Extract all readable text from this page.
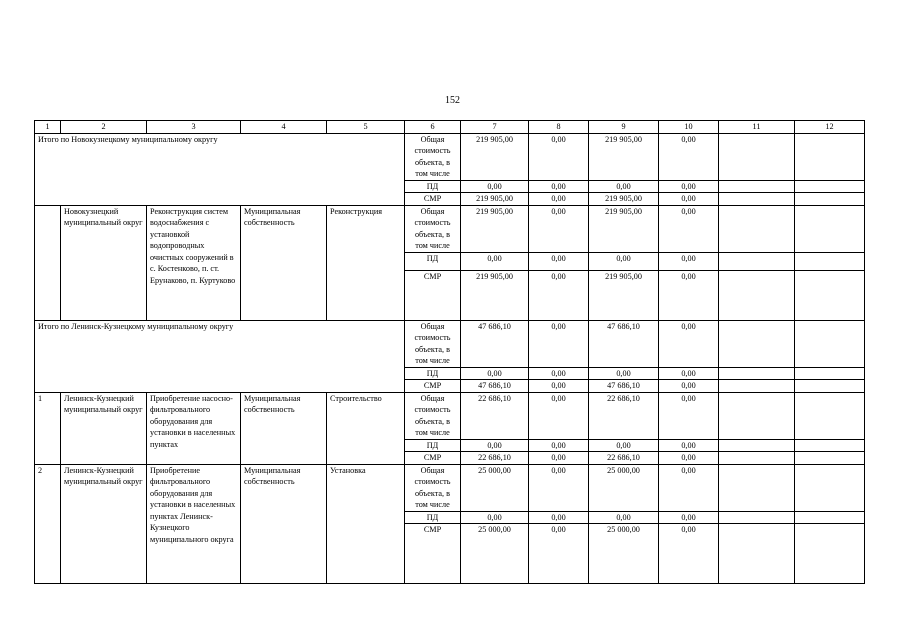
152
1	2	3	4	5	6	7	8	9	10	11	12
Итого по Новокузнецкому муниципальному округу					Общая стоимость объекта, в том числе	219 905,00	0,00	219 905,00	0,00		
					ПД	0,00	0,00	0,00	0,00		
					СМР	219 905,00	0,00	219 905,00	0,00		
	Новокузнецкий муниципальный округ	Реконструкция систем водоснабжения с установкой водопроводных очистных сооружений в с. Костенково, п. ст. Ерунаково, п. Куртуково	Муниципальная собственность	Реконструкция	Общая стоимость объекта, в том числе	219 905,00	0,00	219 905,00	0,00		
					ПД	0,00	0,00	0,00	0,00		
					СМР	219 905,00	0,00	219 905,00	0,00		
Итого по Ленинск-Кузнецкому муниципальному округу					Общая стоимость объекта, в том числе	47 686,10	0,00	47 686,10	0,00		
					ПД	0,00	0,00	0,00	0,00		
					СМР	47 686,10	0,00	47 686,10	0,00		
1	Ленинск-Кузнецкий муниципальный округ	Приобретение насосно-фильтровального оборудования для установки в населенных пунктах	Муниципальная собственность	Строительство	Общая стоимость объекта, в том числе	22 686,10	0,00	22 686,10	0,00		
					ПД	0,00	0,00	0,00	0,00		
					СМР	22 686,10	0,00	22 686,10	0,00		
2	Ленинск-Кузнецкий муниципальный округ	Приобретение фильтровального оборудования для установки в населенных пунктах Ленинск-Кузнецкого муниципального округа	Муниципальная собственность	Установка	Общая стоимость объекта, в том числе	25 000,00	0,00	25 000,00	0,00		
					ПД	0,00	0,00	0,00	0,00		
					СМР	25 000,00	0,00	25 000,00	0,00		
